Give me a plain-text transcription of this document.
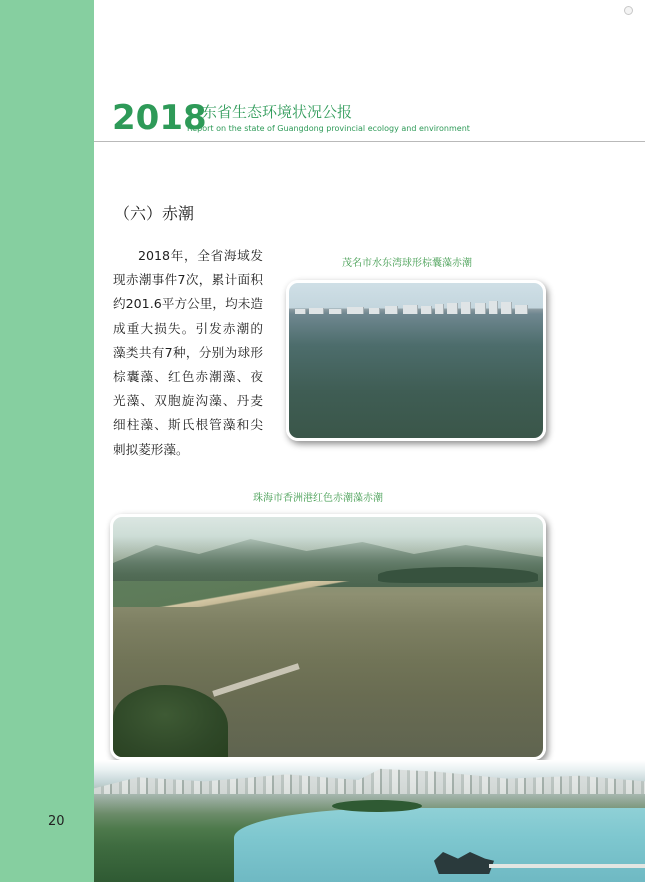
2018
广东省生态环境状况公报
Report on the state of Guangdong provincial ecology and environment
（六）赤潮
2018年，全省海域发现赤潮事件7次，累计面积约201.6平方公里，均未造成重大损失。引发赤潮的藻类共有7种，分别为球形棕囊藻、红色赤潮藻、夜光藻、双胞旋沟藻、丹麦细柱藻、斯氏根管藻和尖刺拟菱形藻。
茂名市水东湾球形棕囊藻赤潮
珠海市香洲港红色赤潮藻赤潮
20
